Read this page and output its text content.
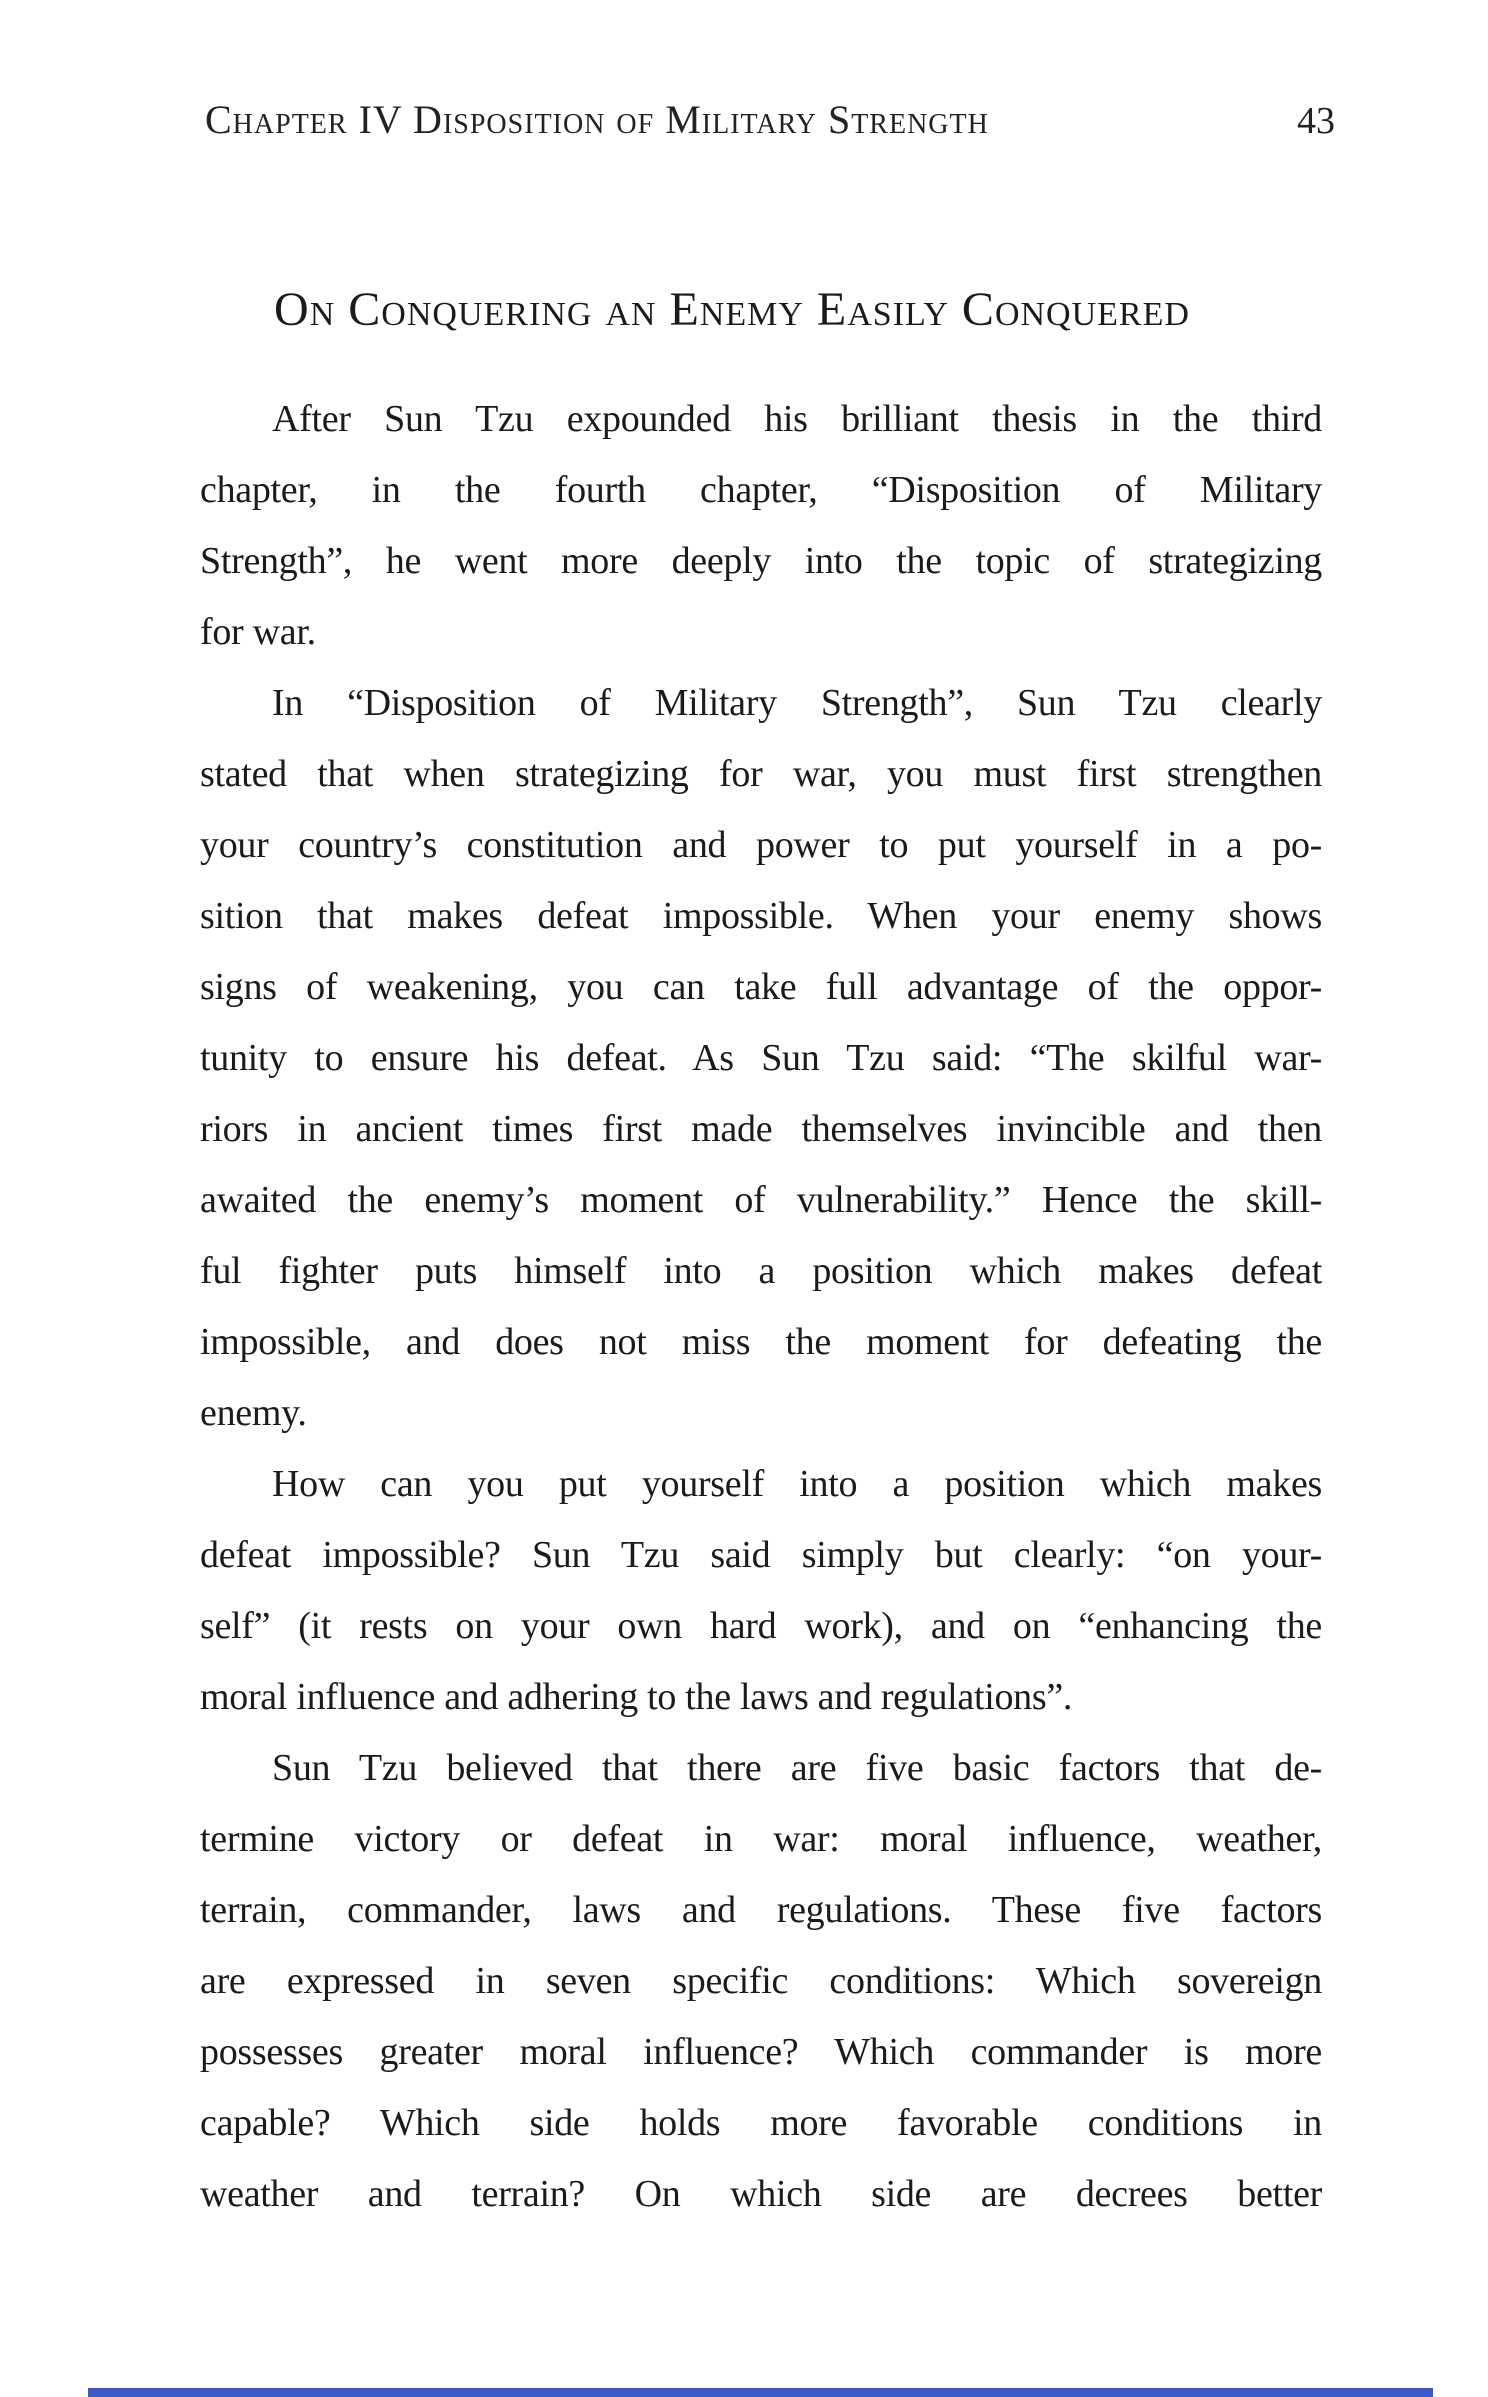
Chapter IV Disposition of Military Strength	43
On Conquering an Enemy Easily Conquered
After Sun Tzu expounded his brilliant thesis in the third
chapter, in the fourth chapter, “Disposition of Military
Strength”, he went more deeply into the topic of strategizing
for war.
In “Disposition of Military Strength”, Sun Tzu clearly
stated that when strategizing for war, you must first strengthen
your country’s constitution and power to put yourself in a po-
sition that makes defeat impossible. When your enemy shows
signs of weakening, you can take full advantage of the oppor-
tunity to ensure his defeat. As Sun Tzu said: “The skilful war-
riors in ancient times first made themselves invincible and then
awaited the enemy’s moment of vulnerability.” Hence the skill-
ful fighter puts himself into a position which makes defeat
impossible, and does not miss the moment for defeating the
enemy.
How can you put yourself into a position which makes
defeat impossible? Sun Tzu said simply but clearly: “on your-
self” (it rests on your own hard work), and on “enhancing the
moral influence and adhering to the laws and regulations”.
Sun Tzu believed that there are five basic factors that de-
termine victory or defeat in war: moral influence, weather,
terrain, commander, laws and regulations. These five factors
are expressed in seven specific conditions: Which sovereign
possesses greater moral influence? Which commander is more
capable? Which side holds more favorable conditions in
weather and terrain? On which side are decrees better
